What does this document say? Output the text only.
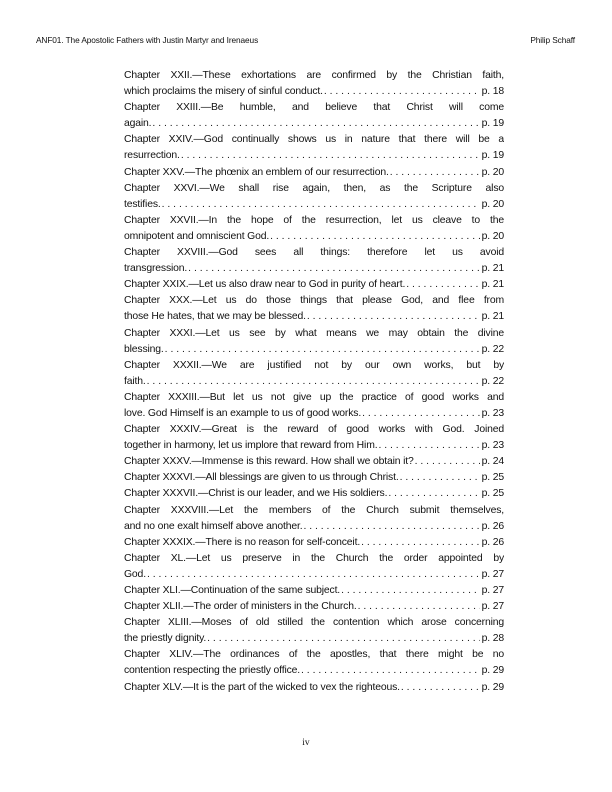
ANF01. The Apostolic Fathers with Justin Martyr and Irenaeus	Philip Schaff
Chapter XXII.—These exhortations are confirmed by the Christian faith,
which proclaims the misery of sinful conduct. . . .	p. 18
Chapter XXIII.—Be humble, and believe that Christ will come
again. . . .	p. 19
Chapter XXIV.—God continually shows us in nature that there will be a
resurrection. . . .	p. 19
Chapter XXV.—The phœnix an emblem of our resurrection. . . .	p. 20
Chapter XXVI.—We shall rise again, then, as the Scripture also
testifies. . . .	p. 20
Chapter XXVII.—In the hope of the resurrection, let us cleave to the
omnipotent and omniscient God. . . .	p. 20
Chapter XXVIII.—God sees all things: therefore let us avoid
transgression. . . .	p. 21
Chapter XXIX.—Let us also draw near to God in purity of heart. . . .	p. 21
Chapter XXX.—Let us do those things that please God, and flee from
those He hates, that we may be blessed. . . .	p. 21
Chapter XXXI.—Let us see by what means we may obtain the divine
blessing. . . .	p. 22
Chapter XXXII.—We are justified not by our own works, but by
faith. . . .	p. 22
Chapter XXXIII.—But let us not give up the practice of good works and
love. God Himself is an example to us of good works. . . .	p. 23
Chapter XXXIV.—Great is the reward of good works with God. Joined
together in harmony, let us implore that reward from Him. . . .	p. 23
Chapter XXXV.—Immense is this reward. How shall we obtain it? . . .	p. 24
Chapter XXXVI.—All blessings are given to us through Christ. . . .	p. 25
Chapter XXXVII.—Christ is our leader, and we His soldiers. . . .	p. 25
Chapter XXXVIII.—Let the members of the Church submit themselves,
and no one exalt himself above another. . . .	p. 26
Chapter XXXIX.—There is no reason for self-conceit. . . .	p. 26
Chapter XL.—Let us preserve in the Church the order appointed by
God. . . .	p. 27
Chapter XLI.—Continuation of the same subject. . . .	p. 27
Chapter XLII.—The order of ministers in the Church. . . .	p. 27
Chapter XLIII.—Moses of old stilled the contention which arose concerning
the priestly dignity. . . .	p. 28
Chapter XLIV.—The ordinances of the apostles, that there might be no
contention respecting the priestly office. . . .	p. 29
Chapter XLV.—It is the part of the wicked to vex the righteous. . . .	p. 29
iv
